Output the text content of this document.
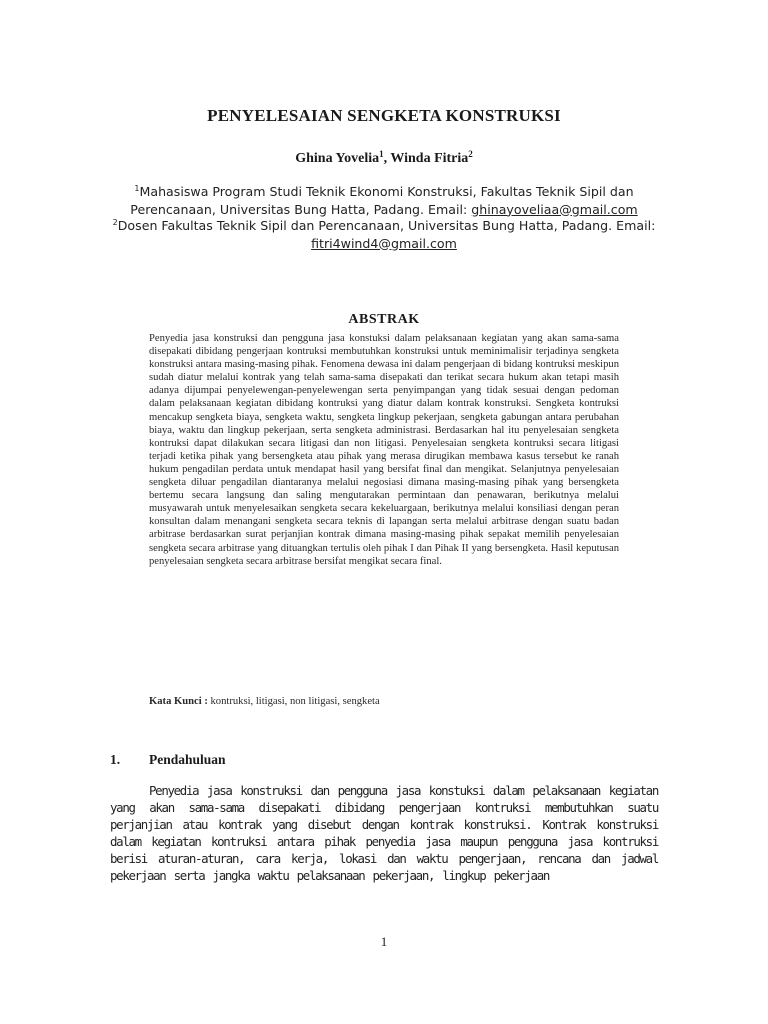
PENYELESAIAN SENGKETA KONSTRUKSI
Ghina Yovelia$^1$, Winda Fitria$^2$
$^1$Mahasiswa Program Studi Teknik Ekonomi Konstruksi, Fakultas Teknik Sipil dan Perencanaan, Universitas Bung Hatta, Padang. Email: ghinayoveliaa@gmail.com
$^2$Dosen Fakultas Teknik Sipil dan Perencanaan, Universitas Bung Hatta, Padang. Email: fitri4wind4@gmail.com
ABSTRAK
Penyedia jasa konstruksi dan pengguna jasa konstuksi dalam pelaksanaan kegiatan yang akan sama-sama disepakati dibidang pengerjaan kontruksi membutuhkan konstruksi untuk meminimalisir terjadinya sengketa konstruksi antara masing-masing pihak. Fenomena dewasa ini dalam pengerjaan di bidang kontruksi meskipun sudah diatur melalui kontrak yang telah sama-sama disepakati dan terikat secara hukum akan tetapi masih adanya dijumpai penyelewengan-penyelewengan serta penyimpangan yang tidak sesuai dengan pedoman dalam pelaksanaan kegiatan dibidang kontruksi yang diatur dalam kontrak konstruksi. Sengketa kontruksi mencakup sengketa biaya, sengketa waktu, sengketa lingkup pekerjaan, sengketa gabungan antara perubahan biaya, waktu dan lingkup pekerjaan, serta sengketa administrasi. Berdasarkan hal itu penyelesaian sengketa kontruksi dapat dilakukan secara litigasi dan non litigasi. Penyelesaian sengketa kontruksi secara litigasi terjadi ketika pihak yang bersengketa atau pihak yang merasa dirugikan membawa kasus tersebut ke ranah hukum pengadilan perdata untuk mendapat hasil yang bersifat final dan mengikat. Selanjutnya penyelesaian sengketa diluar pengadilan diantaranya melalui negosiasi dimana masing-masing pihak yang bersengketa bertemu secara langsung dan saling mengutarakan permintaan dan penawaran, berikutnya melalui musyawarah untuk menyelesaikan sengketa secara kekeluargaan, berikutnya melalui konsiliasi dengan peran konsultan dalam menangani sengketa secara teknis di lapangan serta melalui arbitrase dengan suatu badan arbitrase berdasarkan surat perjanjian kontrak dimana masing-masing pihak sepakat memilih penyelesaian sengketa secara arbitrase yang dituangkan tertulis oleh pihak I dan Pihak II yang bersengketa. Hasil keputusan penyelesaian sengketa secara arbitrase bersifat mengikat secara final.
Kata Kunci : kontruksi, litigasi, non litigasi, sengketa
1. Pendahuluan
Penyedia jasa konstruksi dan pengguna jasa konstuksi dalam pelaksanaan kegiatan yang akan sama-sama disepakati dibidang pengerjaan kontruksi membutuhkan suatu perjanjian atau kontrak yang disebut dengan kontrak konstruksi. Kontrak konstruksi dalam kegiatan kontruksi antara pihak penyedia jasa maupun pengguna jasa kontruksi berisi aturan-aturan, cara kerja, lokasi dan waktu pengerjaan, rencana dan jadwal pekerjaan serta jangka waktu pelaksanaan pekerjaan, lingkup pekerjaan
1
